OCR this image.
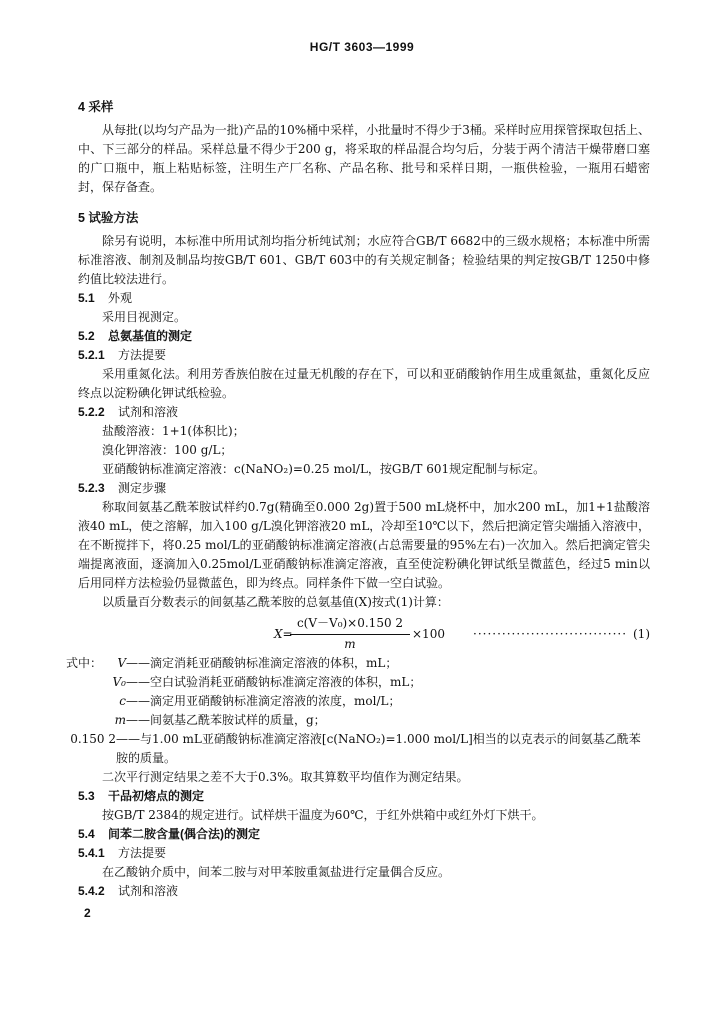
HG/T 3603—1999
4 采样

从每批(以均匀产品为一批)产品的10%桶中采样，小批量时不得少于3桶。采样时应用探管探取包括上、中、下三部分的样品。采样总量不得少于200 g，将采取的样品混合均匀后，分装于两个清洁干燥带磨口塞的广口瓶中，瓶上粘贴标签，注明生产厂名称、产品名称、批号和采样日期，一瓶供检验，一瓶用石蜡密封，保存备查。

5 试验方法

除另有说明，本标准中所用试剂均指分析纯试剂；水应符合GB/T 6682中的三级水规格；本标准中所需标准溶液、制剂及制品均按GB/T 601、GB/T 603中的有关规定制备；检验结果的判定按GB/T 1250中修约值比较法进行。

5.1 外观

采用目视测定。

5.2 总氨基值的测定
5.2.1 方法提要

采用重氮化法。利用芳香族伯胺在过量无机酸的存在下，可以和亚硝酸钠作用生成重氮盐，重氮化反应终点以淀粉碘化钾试纸检验。

5.2.2 试剂和溶液

盐酸溶液：1+1(体积比)；

溴化钾溶液：100 g/L；

亚硝酸钠标准滴定溶液：c(NaNO₂)=0.25 mol/L，按GB/T 601规定配制与标定。

5.2.3 测定步骤

称取间氨基乙酰苯胺试样约0.7g(精确至0.000 2g)置于500 mL烧杯中，加水200 mL，加1+1盐酸溶液40 mL，使之溶解，加入100 g/L溴化钾溶液20 mL，冷却至10℃以下，然后把滴定管尖端插入溶液中，在不断搅拌下，将0.25 mol/L的亚硝酸钠标准滴定溶液(占总需要量的95%左右)一次加入。然后把滴定管尖端提离液面，逐滴加入0.25mol/L亚硝酸钠标准滴定溶液，直至使淀粉碘化钾试纸呈微蓝色，经过5 min以后用同样方法检验仍显微蓝色，即为终点。同样条件下做一空白试验。

以质量百分数表示的间氨基乙酰苯胺的总氨基值(X)按式(1)计算：

X=
$\frac{\text{c(V－V₀)×0.150 2}}{m} \times 100$ ································ (1)
式中：	V ——滴定消耗亚硝酸钠标准滴定溶液的体积，mL；
V₀ ——空白试验消耗亚硝酸钠标准滴定溶液的体积，mL；
c ——滴定用亚硝酸钠标准滴定溶液的浓度，mol/L；
m ——间氨基乙酰苯胺试样的质量，g；
0.150 2 ——与1.00 mL亚硝酸钠标准滴定溶液[c(NaNO₂)=1.000 mol/L]相当的以克表示的间氨基乙酰苯胺的质量。

二次平行测定结果之差不大于0.3%。取其算数平均值作为测定结果。

5.3 干品初熔点的测定

按GB/T 2384的规定进行。试样烘干温度为60℃，于红外烘箱中或红外灯下烘干。

5.4 间苯二胺含量(偶合法)的测定
5.4.1 方法提要

在乙酸钠介质中，间苯二胺与对甲苯胺重氮盐进行定量偶合反应。

5.4.2 试剂和溶液
2
